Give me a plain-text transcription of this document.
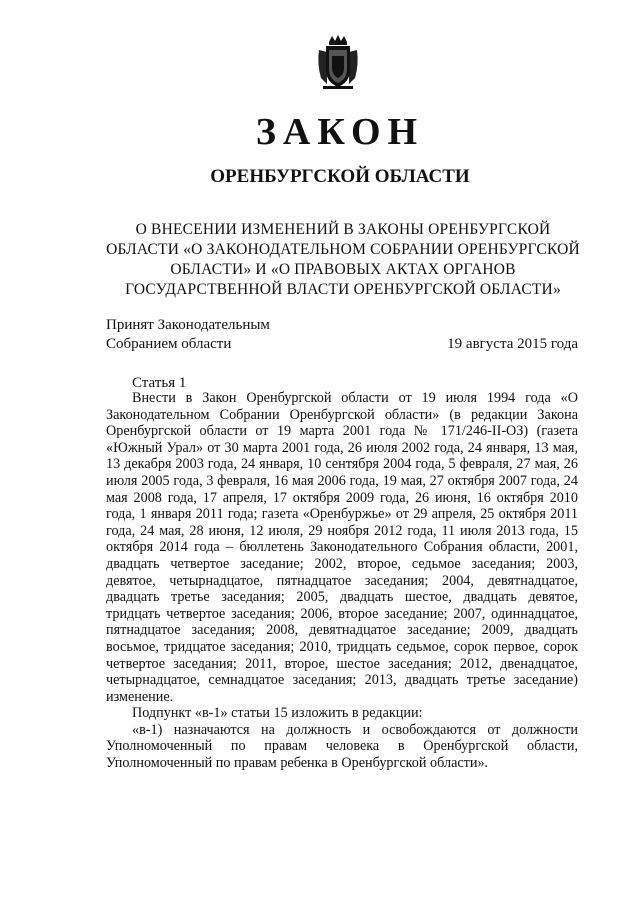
ЗАКОН
ОРЕНБУРГСКОЙ ОБЛАСТИ
О ВНЕСЕНИИ ИЗМЕНЕНИЙ В ЗАКОНЫ ОРЕНБУРГСКОЙ ОБЛАСТИ «О ЗАКОНОДАТЕЛЬНОМ СОБРАНИИ ОРЕНБУРГСКОЙ ОБЛАСТИ» И «О ПРАВОВЫХ АКТАХ ОРГАНОВ ГОСУДАРСТВЕННОЙ ВЛАСТИ ОРЕНБУРГСКОЙ ОБЛАСТИ»
Принят Законодательным
Собранием области	19 августа 2015 года
Статья 1

Внести в Закон Оренбургской области от 19 июля 1994 года «О Законодательном Собрании Оренбургской области» (в редакции Закона Оренбургской области от 19 марта 2001 года № 171/246-II-ОЗ) (газета «Южный Урал» от 30 марта 2001 года, 26 июля 2002 года, 24 января, 13 мая, 13 декабря 2003 года, 24 января, 10 сентября 2004 года, 5 февраля, 27 мая, 26 июля 2005 года, 3 февраля, 16 мая 2006 года, 19 мая, 27 октября 2007 года, 24 мая 2008 года, 17 апреля, 17 октября 2009 года, 26 июня, 16 октября 2010 года, 1 января 2011 года; газета «Оренбуржье» от 29 апреля, 25 октября 2011 года, 24 мая, 28 июня, 12 июля, 29 ноября 2012 года, 11 июля 2013 года, 15 октября 2014 года – бюллетень Законодательного Собрания области, 2001, двадцать четвертое заседание; 2002, второе, седьмое заседания; 2003, девятое, четырнадцатое, пятнадцатое заседания; 2004, девятнадцатое, двадцать третье заседания; 2005, двадцать шестое, двадцать девятое, тридцать четвертое заседания; 2006, второе заседание; 2007, одиннадцатое, пятнадцатое заседания; 2008, девятнадцатое заседание; 2009, двадцать восьмое, тридцатое заседания; 2010, тридцать седьмое, сорок первое, сорок четвертое заседания; 2011, второе, шестое заседания; 2012, двенадцатое, четырнадцатое, семнадцатое заседания; 2013, двадцать третье заседание) изменение.

Подпункт «в-1» статьи 15 изложить в редакции:

«в-1) назначаются на должность и освобождаются от должности Уполномоченный по правам человека в Оренбургской области, Уполномоченный по правам ребенка в Оренбургской области».
